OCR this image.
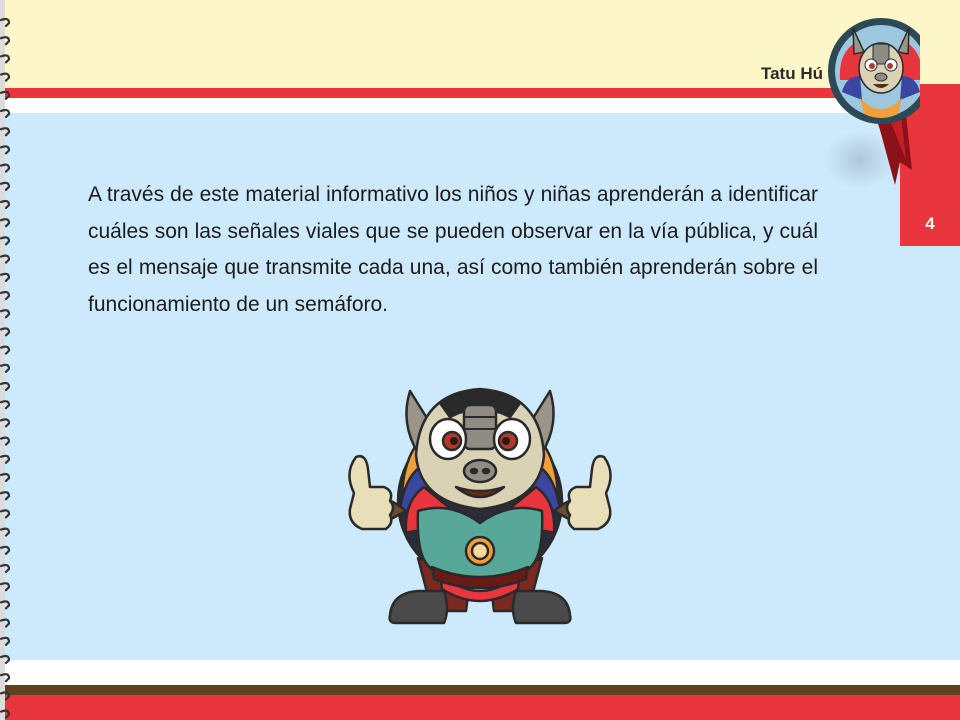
4
Tatu Hú

A través de este material informativo los niños y niñas aprenderán a identificar cuáles son las señales viales que se pueden observar en la vía pública, y cuál es el mensaje que transmite cada una, así como también aprenderán sobre el funcionamiento de un semáforo.
